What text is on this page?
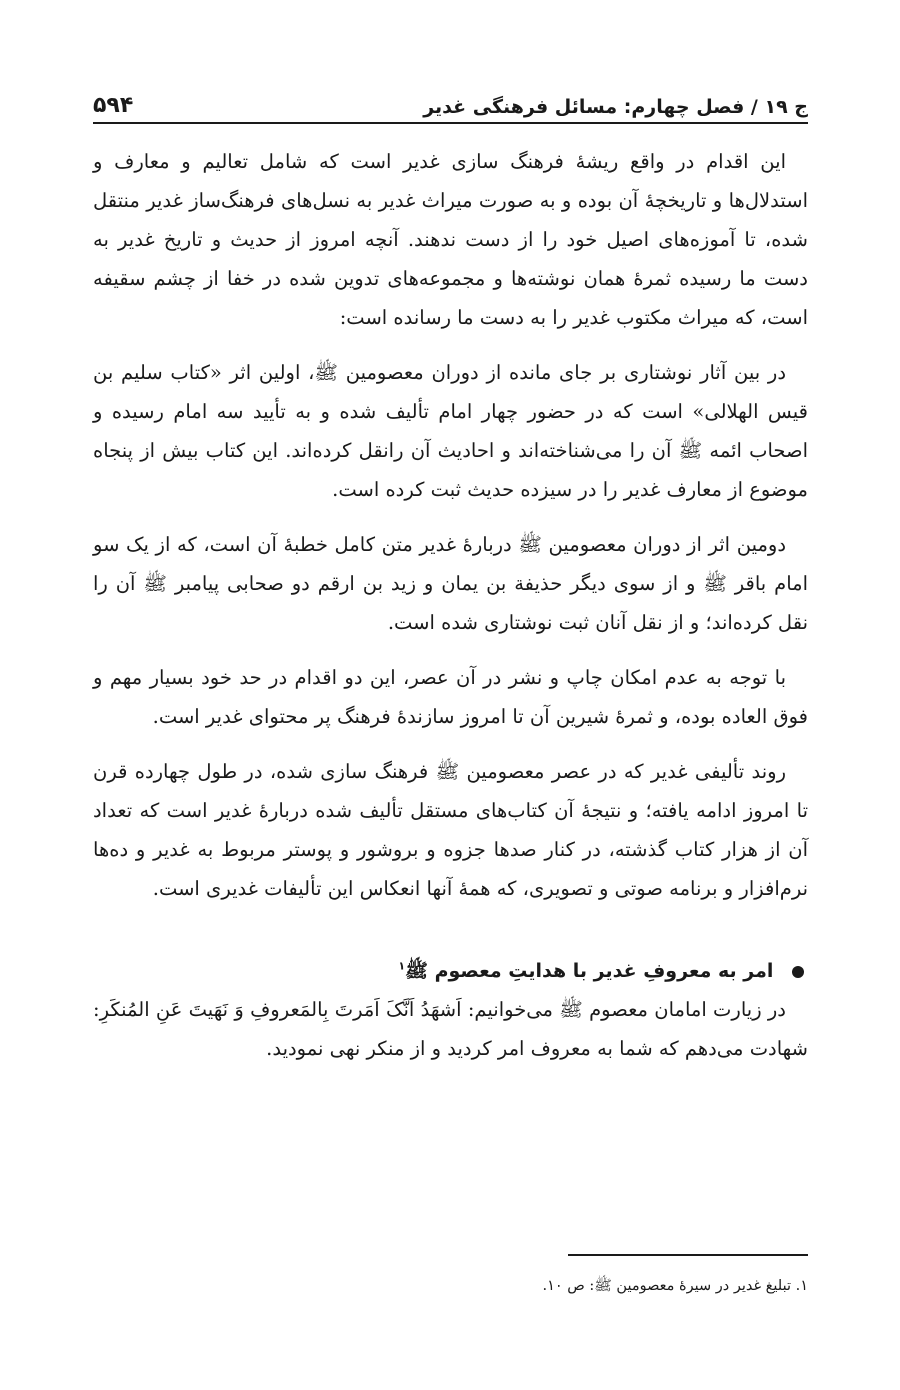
ج ۱۹ / فصل چهارم: مسائل فرهنگی غدیر
۵۹۴

این اقدام در واقع ریشهٔ فرهنگ سازی غدیر است که شامل تعالیم و معارف و استدلال‌ها و تاریخچهٔ آن بوده و به صورت میراث غدیر به نسل‌های فرهنگ‌ساز غدیر منتقل شده، تا آموزه‌های اصیل خود را از دست ندهند. آنچه امروز از حدیث و تاریخ غدیر به دست ما رسیده ثمرهٔ همان نوشته‌ها و مجموعه‌های تدوین شده در خفا از چشم سقیفه است، که میراث مکتوب غدیر را به دست ما رسانده است:

در بین آثار نوشتاری بر جای مانده از دوران معصومین ﷺ، اولین اثر «کتاب سلیم بن قیس الهلالی» است که در حضور چهار امام تألیف شده و به تأیید سه امام رسیده و اصحاب ائمه ﷺ آن را می‌شناخته‌اند و احادیث آن رانقل کرده‌اند. این کتاب بیش از پنجاه موضوع از معارف غدیر را در سیزده حدیث ثبت کرده است.

دومین اثر از دوران معصومین ﷺ دربارهٔ غدیر متن کامل خطبهٔ آن است، که از یک سو امام باقر ﷺ و از سوی دیگر حذیفة بن یمان و زید بن ارقم دو صحابی پیامبر ﷺ آن را نقل کرده‌اند؛ و از نقل آنان ثبت نوشتاری شده است.

با توجه به عدم امکان چاپ و نشر در آن عصر، این دو اقدام در حد خود بسیار مهم و فوق العاده بوده، و ثمرهٔ شیرین آن تا امروز سازندهٔ فرهنگ پر محتوای غدیر است.

روند تألیفی غدیر که در عصر معصومین ﷺ فرهنگ سازی شده، در طول چهارده قرن تا امروز ادامه یافته؛ و نتیجهٔ آن کتاب‌های مستقل تألیف شده دربارهٔ غدیر است که تعداد آن از هزار کتاب گذشته، در کنار صدها جزوه و بروشور و پوستر مربوط به غدیر و ده‌ها نرم‌افزار و برنامه صوتی و تصویری، که همهٔ آنها انعکاس این تألیفات غدیری است.

امر به معروفِ غدیر با هدایتِ معصوم ﷺ$^۱$

در زیارت امامان معصوم ﷺ می‌خوانیم: اَشهَدُ اَنَّکَ اَمَرتَ بِالمَعروفِ وَ نَهَیتَ عَنِ المُنکَرِ: شهادت می‌دهم که شما به معروف امر کردید و از منکر نهی نمودید.

۱. تبلیغ غدیر در سیرهٔ معصومین ﷺ: ص ۱۰.
